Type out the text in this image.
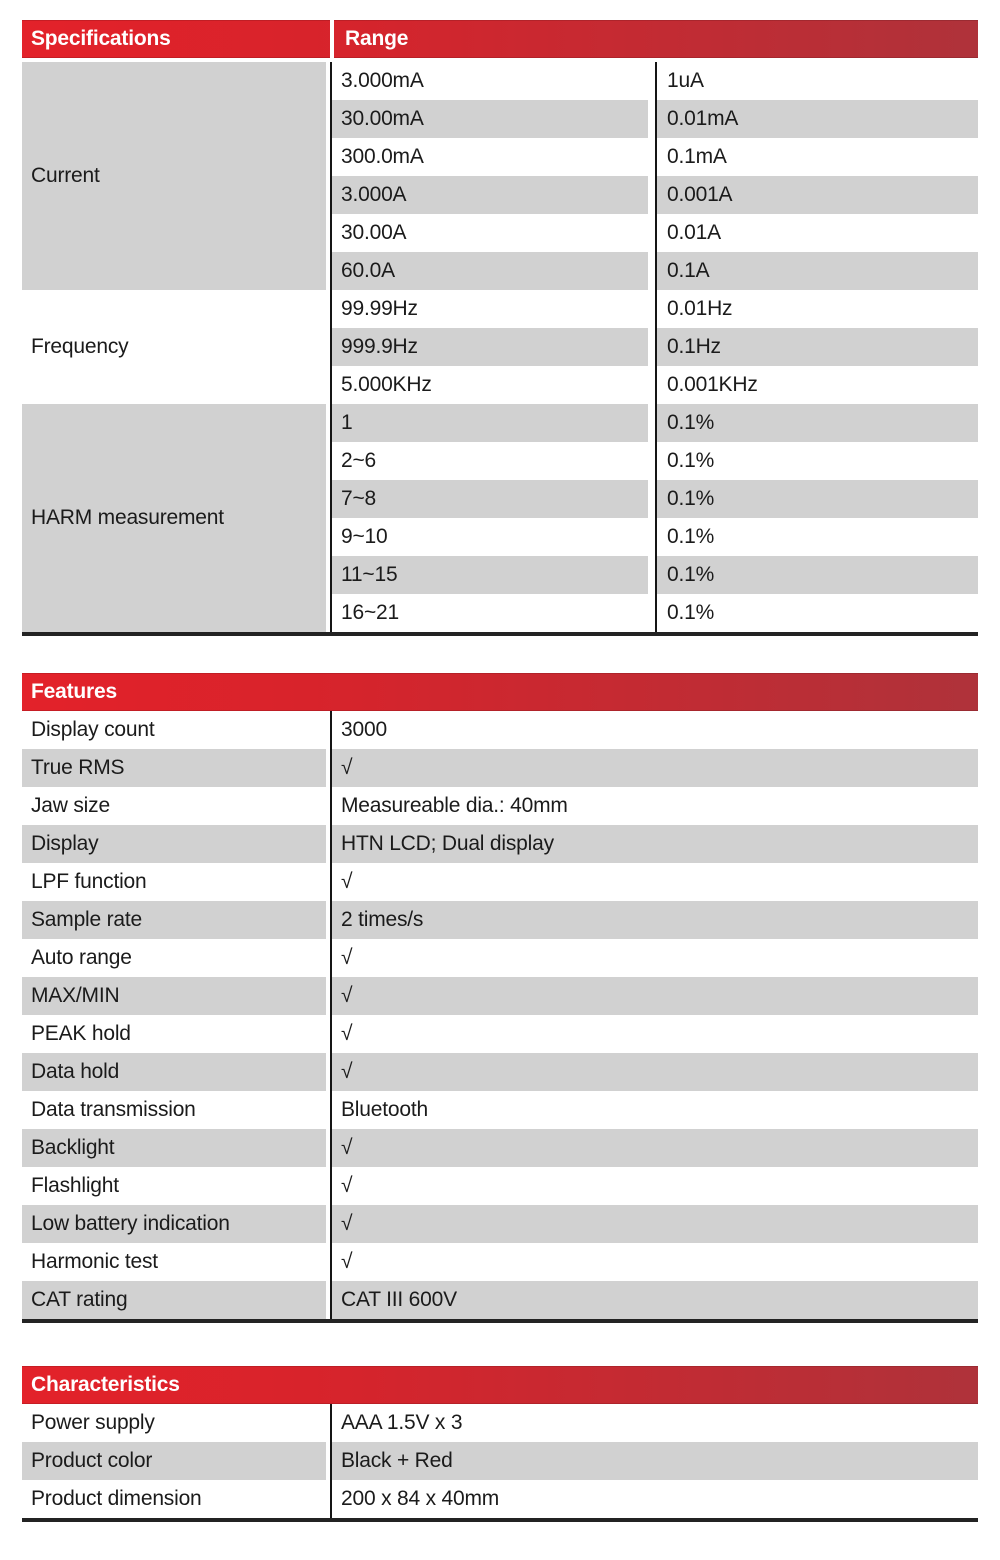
Specifications	Range
Current
3.000mA	1uA
30.00mA	0.01mA
300.0mA	0.1mA
3.000A	0.001A
30.00A	0.01A
60.0A	0.1A
Frequency
99.99Hz	0.01Hz
999.9Hz	0.1Hz
5.000KHz	0.001KHz
HARM measurement
1	0.1%
2~6	0.1%
7~8	0.1%
9~10	0.1%
11~15	0.1%
16~21	0.1%
Features
Display count	3000
True RMS	√
Jaw size	Measureable dia.: 40mm
Display	HTN LCD; Dual display
LPF function	√
Sample rate	2 times/s
Auto range	√
MAX/MIN	√
PEAK hold	√
Data hold	√
Data transmission	Bluetooth
Backlight	√
Flashlight	√
Low battery indication	√
Harmonic test	√
CAT rating	CAT III 600V
Characteristics
Power supply	AAA 1.5V x 3
Product color	Black + Red
Product dimension	200 x 84 x 40mm
